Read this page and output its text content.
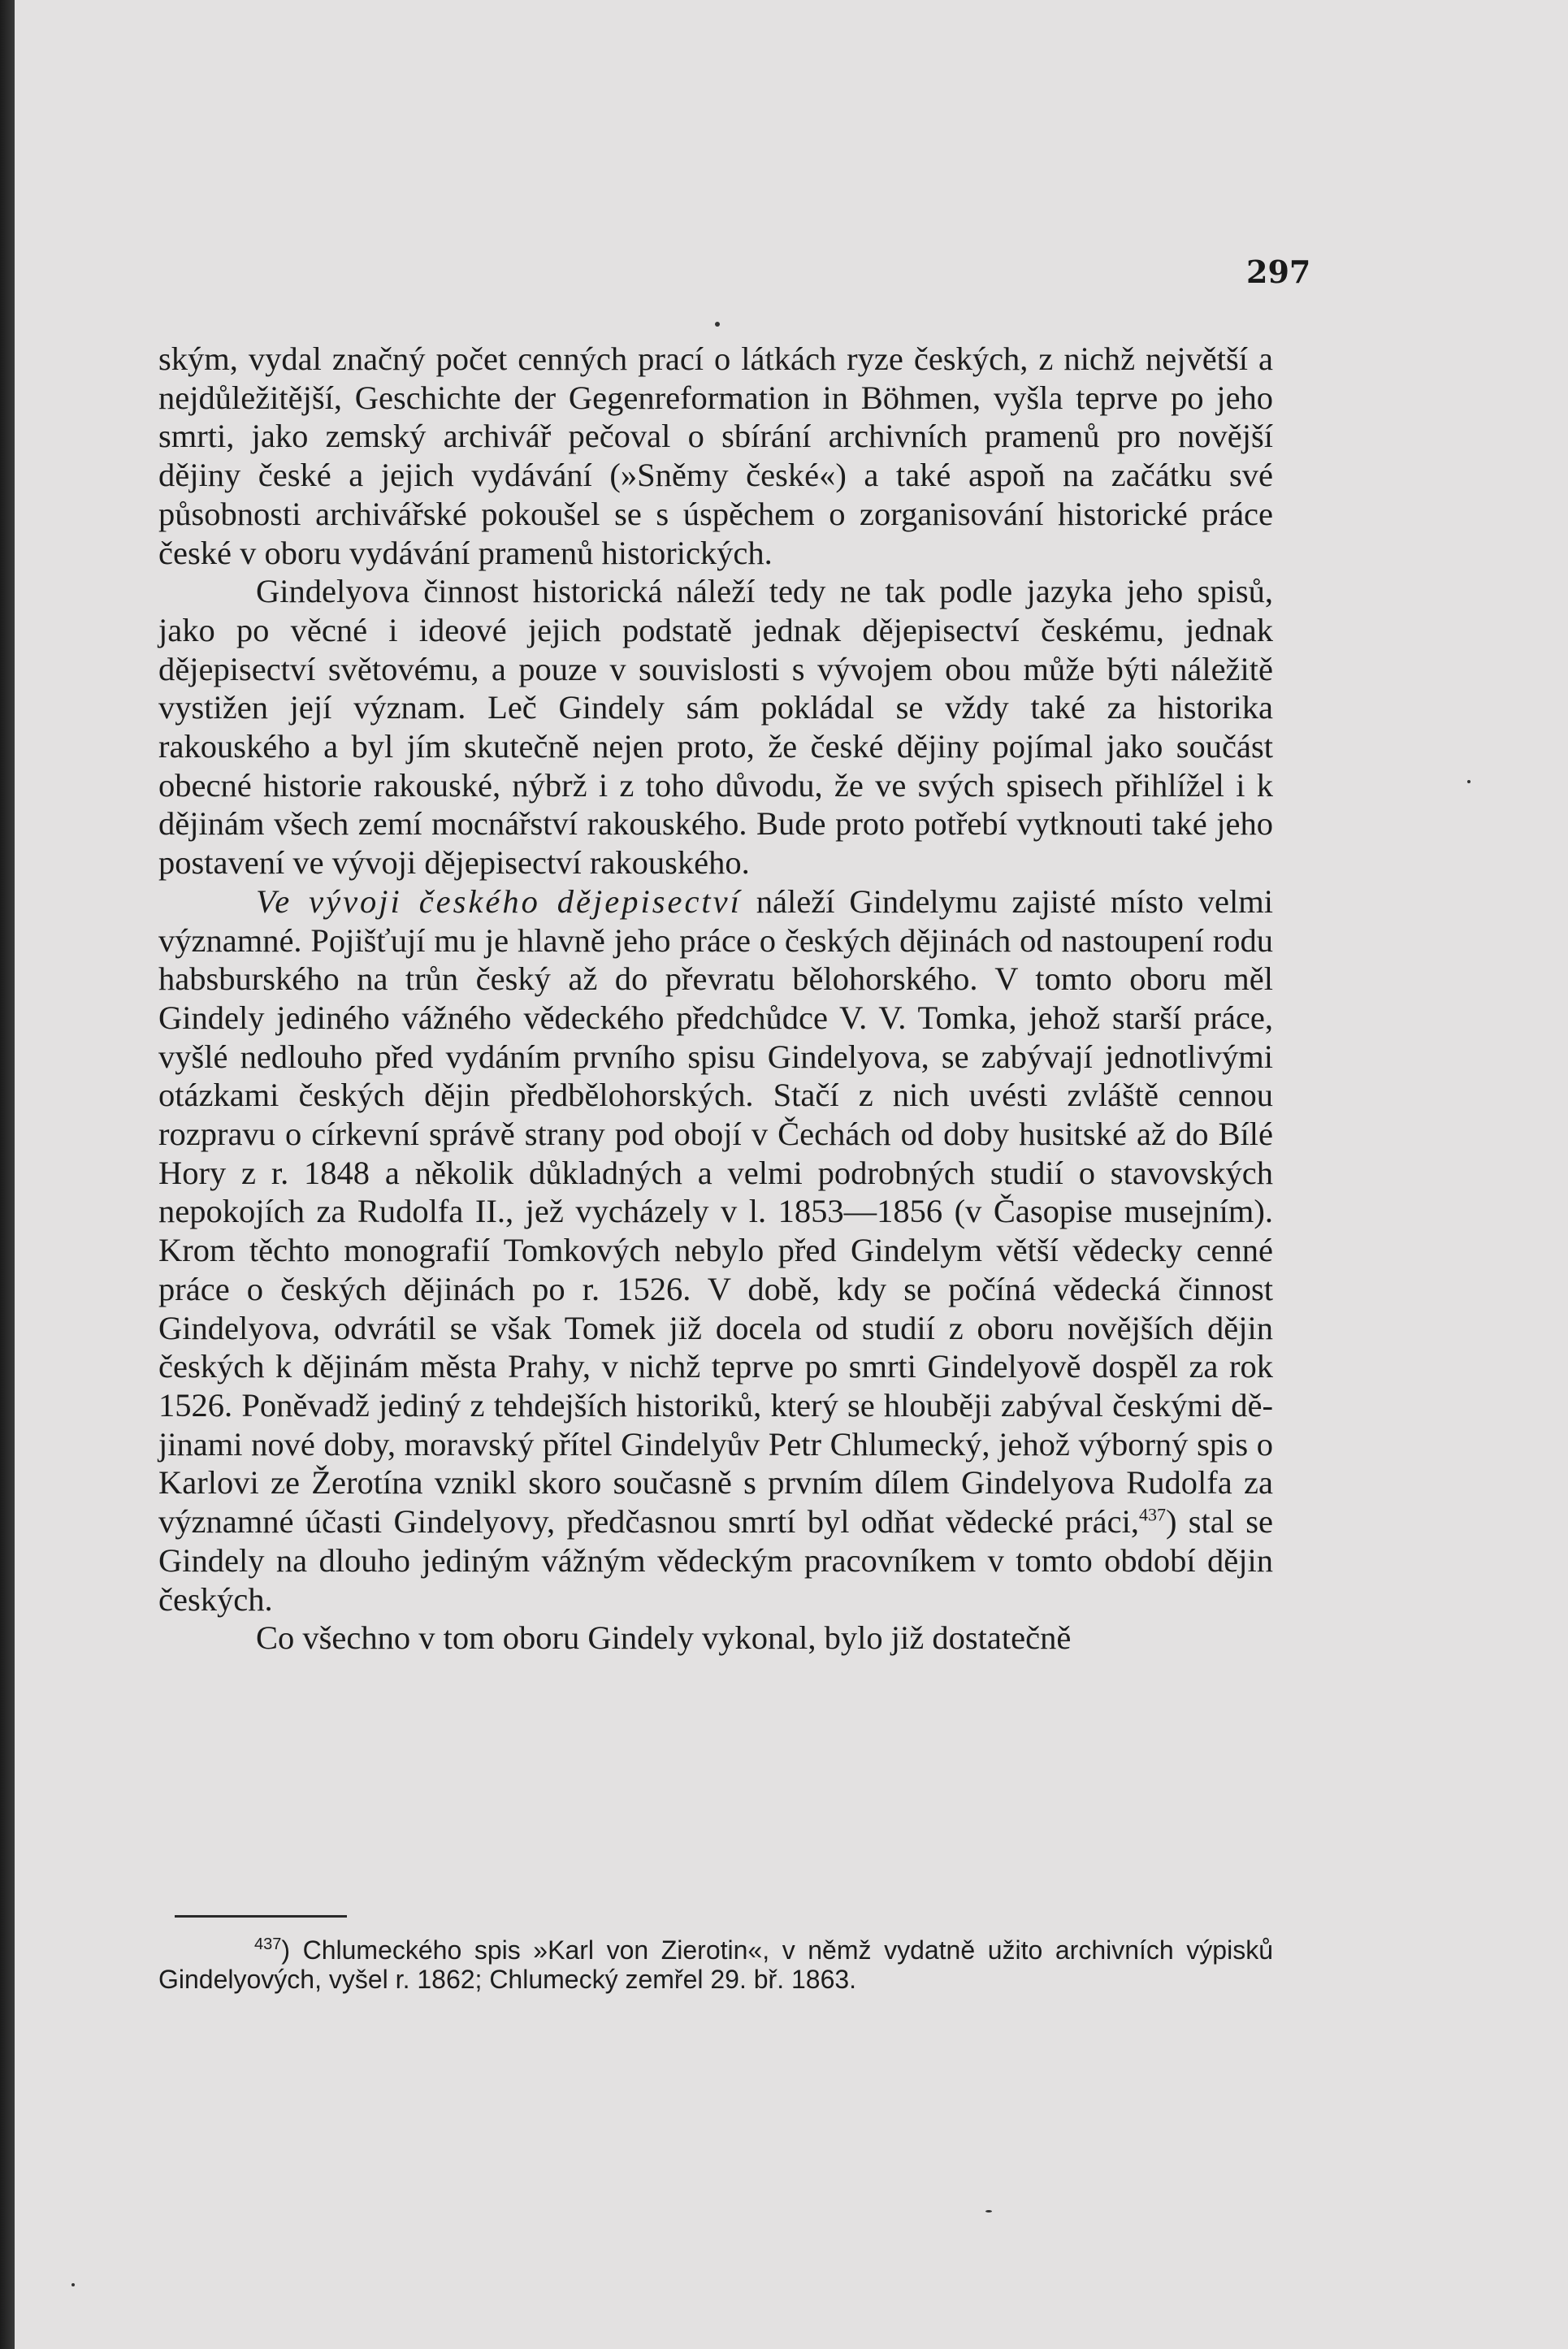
297

ským, vydal značný počet cenných prací o látkách ryze českých, z nichž největší a nejdůležitější, Geschichte der Gegenreformation in Böhmen, vyšla teprve po jeho smrti, jako zemský archivář pečoval o sbírání archivních pramenů pro novější dějiny české a jejich vydávání (»Sněmy české«) a také aspoň na začátku své působnosti archivářské pokoušel se s úspěchem o zorganisování historické práce české v oboru vydávání pramenů historických.

Gindelyova činnost historická náleží tedy ne tak podle jazyka jeho spisů, jako po věcné i ideové jejich podstatě jednak dějepisectví českému, jednak dějepisectví světovému, a pouze v souvislosti s vývojem obou může býti náležitě vystižen její význam. Leč Gindely sám pokládal se vždy také za historika rakouského a byl jím skutečně nejen proto, že české dějiny pojímal jako součást obecné historie rakouské, nýbrž i z toho důvodu, že ve svých spisech přihlížel i k dějinám všech zemí mocnářství rakouského. Bude proto potřebí vytknouti také jeho postavení ve vývoji dějepisectví rakouského.

Ve vývoji českého dějepisectví náleží Gindelymu zajisté místo velmi významné. Pojišťují mu je hlavně jeho práce o českých dějinách od nastoupení rodu habsburského na trůn český až do převratu bělohorského. V tomto oboru měl Gindely jediného vážného vědeckého předchůdce V. V. Tomka, jehož starší práce, vyšlé nedlouho před vydáním prvního spisu Gindelyova, se zabývají jednotlivými otázkami českých dějin předbělohorských. Stačí z nich uvésti zvláště cennou rozpravu o církevní správě strany pod obojí v Čechách od doby husitské až do Bílé Hory z r. 1848 a několik důkladných a velmi podrobných studií o stavovských nepokojích za Rudolfa II., jež vycházely v l. 1853—1856 (v Časopise musejním). Krom těchto monografií Tomkových nebylo před Gindelym větší vědecky cenné práce o českých dějinách po r. 1526. V době, kdy se počíná vědecká činnost Gindelyova, odvrátil se však Tomek již docela od studií z oboru novějších dějin českých k dějinám města Prahy, v nichž teprve po smrti Gindelyově dospěl za rok 1526. Poněvadž jediný z tehdejších historiků, který se hlouběji zabýval českými dějinami nové doby, moravský přítel Gindelyův Petr Chlumecký, jehož výborný spis o Karlovi ze Žerotína vznikl skoro současně s prvním dílem Gindelyova Rudolfa za významné účasti Gindelyovy, předčasnou smrtí byl odňat vědecké práci,$^{437}$) stal se Gindely na dlouho jediným vážným vědeckým pracovníkem v tomto období dějin českých.

Co všechno v tom oboru Gindely vykonal, bylo již dostatečně

$^{437}$) Chlumeckého spis »Karl von Zierotin«, v němž vydatně užito archivních výpisků Gindelyových, vyšel r. 1862; Chlumecký zemřel 29. bř. 1863.
